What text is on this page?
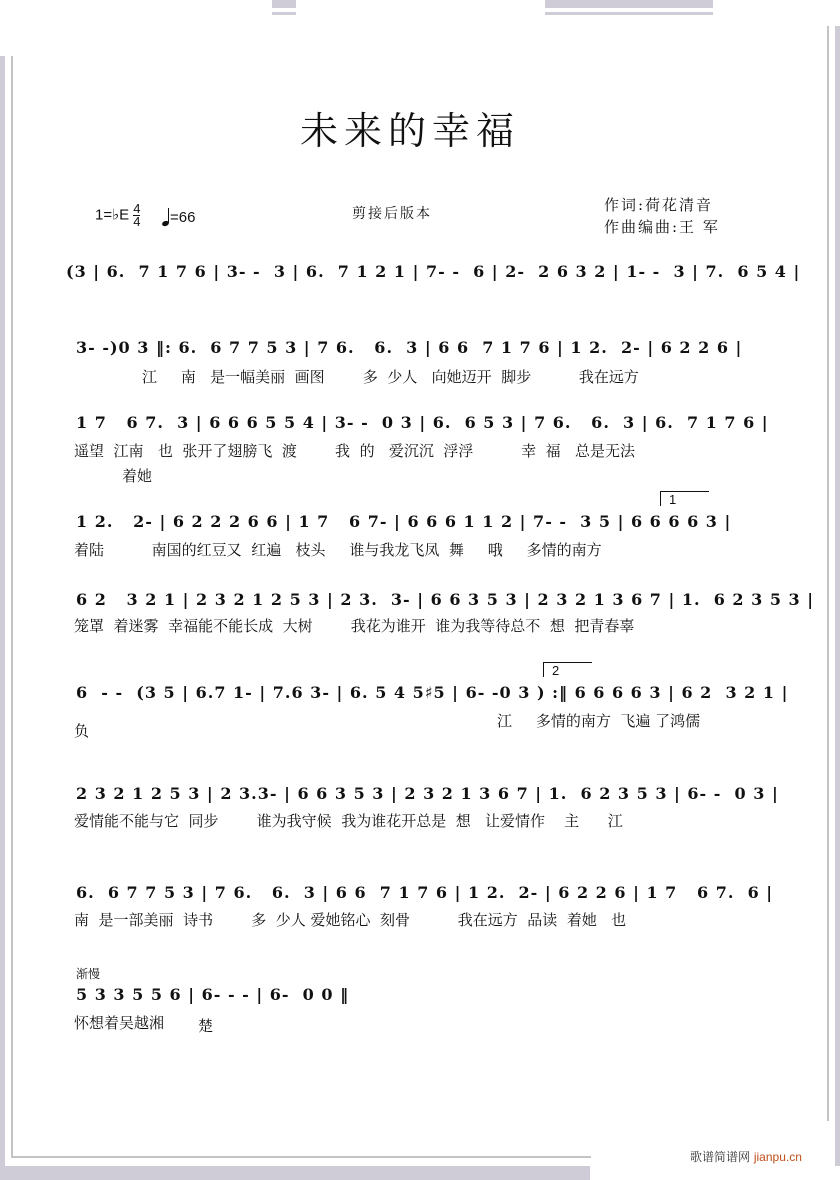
未来的幸福
1=♭E $\frac{4}{4}$	=66	剪接后版本	作词:荷花清音
作曲编曲:王 军
(3 | 6.  7 1 7 6 | 3- -  3 | 6.  7 1 2 1 | 7- -  6 | 2-  2 6 3 2 | 1- -  3 | 7.  6 5 4 |
3- -)0 3 ‖: 6.  6 7 7 5 3 | 7 6.   6.  3 | 6 6  7 1 7 6 | 1 2.  2- | 6 2 2 6 |
江     南   是一幅美丽  画图        多  少人   向她迈开  脚步          我在远方
1 7   6 7.  3 | 6 6 6 5 5 4 | 3- -  0 3 | 6.  6 5 3 | 7 6.   6.  3 | 6.  7 1 7 6 |
遥望  江南   也  张开了翅膀飞  渡        我  的   爱沉沉  浮浮          幸  福   总是无法
着她
1
1 2.   2- | 6 2 2 2 6 6 | 1 7   6 7- | 6 6 6 1 1 2 | 7- -  3 5 | 6 6 6 6 3 |
着陆          南国的红豆又  红遍   枝头     谁与我龙飞凤  舞     哦     多情的南方
6 2   3 2 1 | 2 3 2 1 2 5 3 | 2 3.  3- | 6 6 3 5 3 | 2 3 2 1 3 6 7 | 1.  6 2 3 5 3 |
笼罩  着迷雾  幸福能不能长成  大树        我花为谁开  谁为我等待总不  想  把青春辜
2
6  - -  (3 5 | 6.7 1- | 7.6 3- | 6. 5 4 5♯5 | 6- -0 3 ) :‖ 6 6 6 6 3 | 6 2  3 2 1 |
负
江     多情的南方  飞遍 了鸿儒
2 3 2 1 2 5 3 | 2 3.3- | 6 6 3 5 3 | 2 3 2 1 3 6 7 | 1.  6 2 3 5 3 | 6- -  0 3 |
爱情能不能与它  同步        谁为我守候  我为谁花开总是  想   让爱情作    主      江
6.  6 7 7 5 3 | 7 6.   6.  3 | 6 6  7 1 7 6 | 1 2.  2- | 6 2 2 6 | 1 7   6 7.  6 |
南  是一部美丽  诗书        多  少人 爱她铭心  刻骨          我在远方  品读  着她   也
渐慢
5 3 3 5 5 6 | 6- - - | 6-  0 0 ‖
怀想着吴越湘 楚
歌谱简谱网 jianpu.cn
